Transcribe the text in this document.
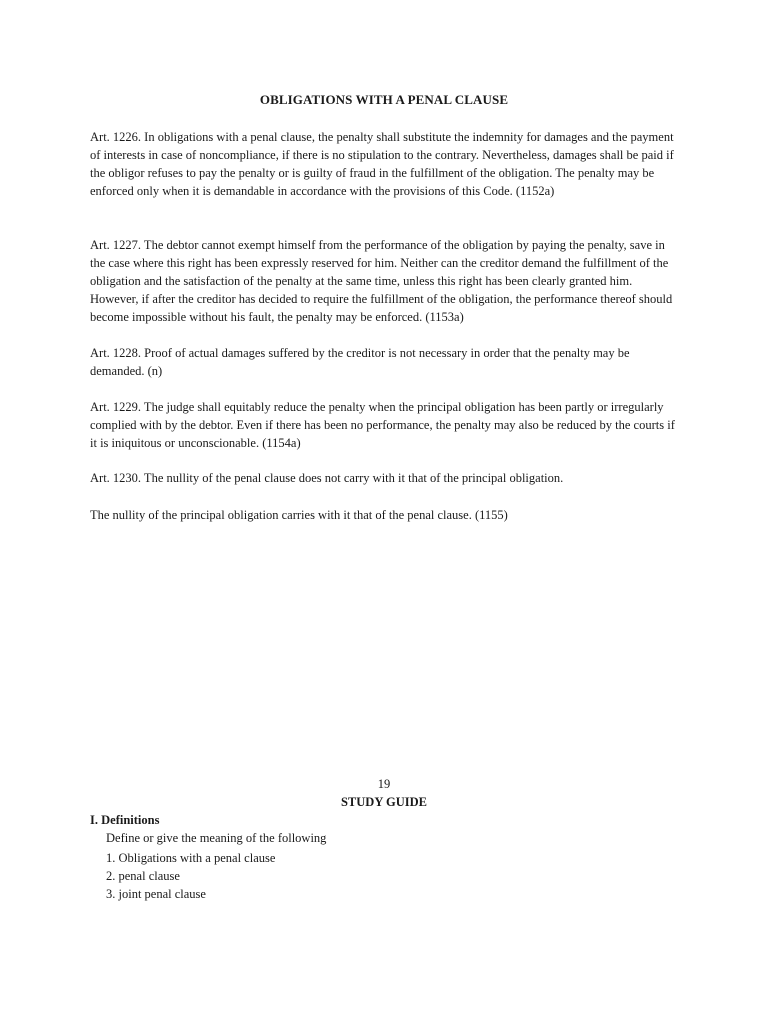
OBLIGATIONS WITH A PENAL CLAUSE

Art. 1226. In obligations with a penal clause, the penalty shall substitute the indemnity for damages and the payment of interests in case of noncompliance, if there is no stipulation to the contrary. Nevertheless, damages shall be paid if the obligor refuses to pay the penalty or is guilty of fraud in the fulfillment of the obligation. The penalty may be enforced only when it is demandable in accordance with the provisions of this Code. (1152a)

Art. 1227. The debtor cannot exempt himself from the performance of the obligation by paying the penalty, save in the case where this right has been expressly reserved for him. Neither can the creditor demand the fulfillment of the obligation and the satisfaction of the penalty at the same time, unless this right has been clearly granted him. However, if after the creditor has decided to require the fulfillment of the obligation, the performance thereof should become impossible without his fault, the penalty may be enforced. (1153a)

Art. 1228. Proof of actual damages suffered by the creditor is not necessary in order that the penalty may be demanded. (n)

Art. 1229. The judge shall equitably reduce the penalty when the principal obligation has been partly or irregularly complied with by the debtor. Even if there has been no performance, the penalty may also be reduced by the courts if it is iniquitous or unconscionable. (1154a)

Art. 1230. The nullity of the penal clause does not carry with it that of the principal obligation.

The nullity of the principal obligation carries with it that of the penal clause. (1155)

19

STUDY GUIDE
I. Definitions

Define or give the meaning of the following

1. Obligations with a penal clause
2. penal clause
3. joint penal clause
